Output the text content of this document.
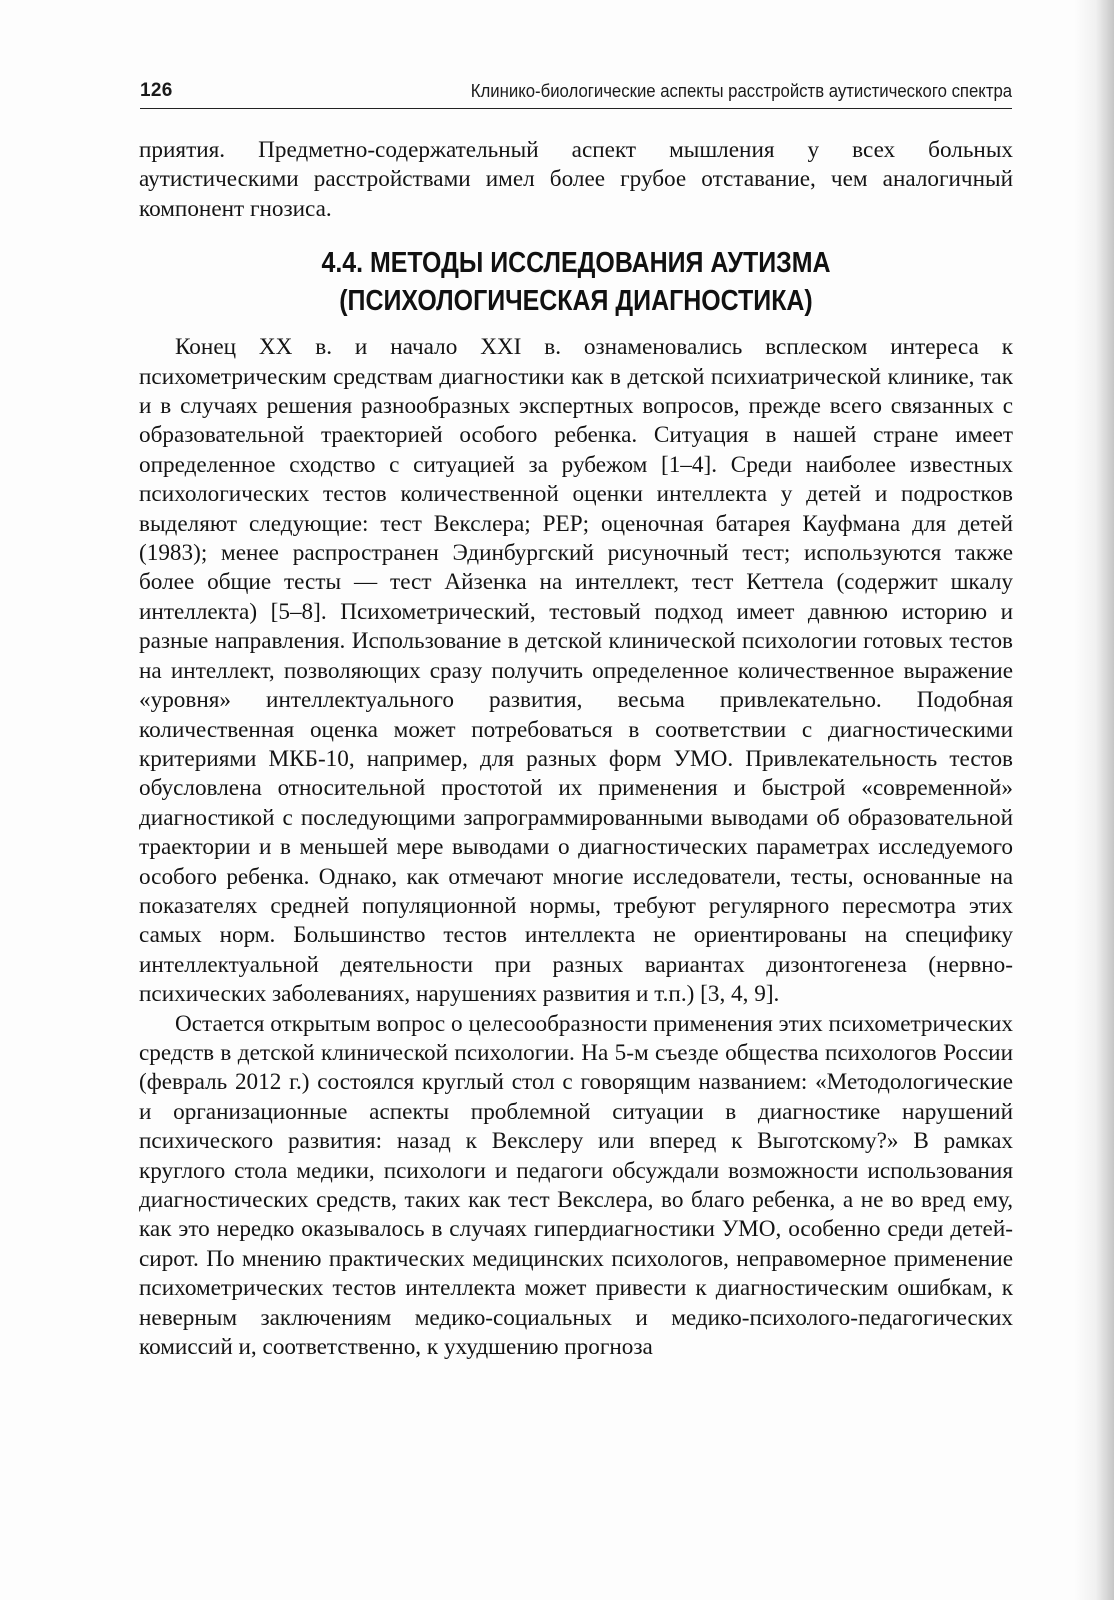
126	Клинико-биологические аспекты расстройств аутистического спектра

приятия. Предметно-содержательный аспект мышления у всех больных аутистическими расстройствами имел более грубое отставание, чем аналогичный компонент гнозиса.

4.4. МЕТОДЫ ИССЛЕДОВАНИЯ АУТИЗМА
(ПСИХОЛОГИЧЕСКАЯ ДИАГНОСТИКА)

Конец XX в. и начало XXI в. ознаменовались всплеском интереса к психометрическим средствам диагностики как в детской психиатрической клинике, так и в случаях решения разнообразных экспертных вопросов, прежде всего связанных с образовательной траекторией особого ребенка. Ситуация в нашей стране имеет определенное сходство с ситуацией за рубежом [1–4]. Среди наиболее известных психологических тестов количественной оценки интеллекта у детей и подростков выделяют следующие: тест Векслера; PEP; оценочная батарея Кауфмана для детей (1983); менее распространен Эдинбургский рисуночный тест; используются также более общие тесты — тест Айзенка на интеллект, тест Кеттела (содержит шкалу интеллекта) [5–8]. Психометрический, тестовый подход имеет давнюю историю и разные направления. Использование в детской клинической психологии готовых тестов на интеллект, позволяющих сразу получить определенное количественное выражение «уровня» интеллектуального развития, весьма привлекательно. Подобная количественная оценка может потребоваться в соответствии с диагностическими критериями МКБ-10, например, для разных форм УМО. Привлекательность тестов обусловлена относительной простотой их применения и быстрой «современной» диагностикой с последующими запрограммированными выводами об образовательной траектории и в меньшей мере выводами о диагностических параметрах исследуемого особого ребенка. Однако, как отмечают многие исследователи, тесты, основанные на показателях средней популяционной нормы, требуют регулярного пересмотра этих самых норм. Большинство тестов интеллекта не ориентированы на специфику интеллектуальной деятельности при разных вариантах дизонтогенеза (нервно-психических заболеваниях, нарушениях развития и т.п.) [3, 4, 9].

Остается открытым вопрос о целесообразности применения этих психометрических средств в детской клинической психологии. На 5-м съезде общества психологов России (февраль 2012 г.) состоялся круглый стол с говорящим названием: «Методологические и организационные аспекты проблемной ситуации в диагностике нарушений психического развития: назад к Векслеру или вперед к Выготскому?» В рамках круглого стола медики, психологи и педагоги обсуждали возможности использования диагностических средств, таких как тест Векслера, во благо ребенка, а не во вред ему, как это нередко оказывалось в случаях гипердиагностики УМО, особенно среди детей-сирот. По мнению практических медицинских психологов, неправомерное применение психометрических тестов интеллекта может привести к диагностическим ошибкам, к неверным заключениям медико-социальных и медико-психолого-педагогических комиссий и, соответственно, к ухудшению прогноза
